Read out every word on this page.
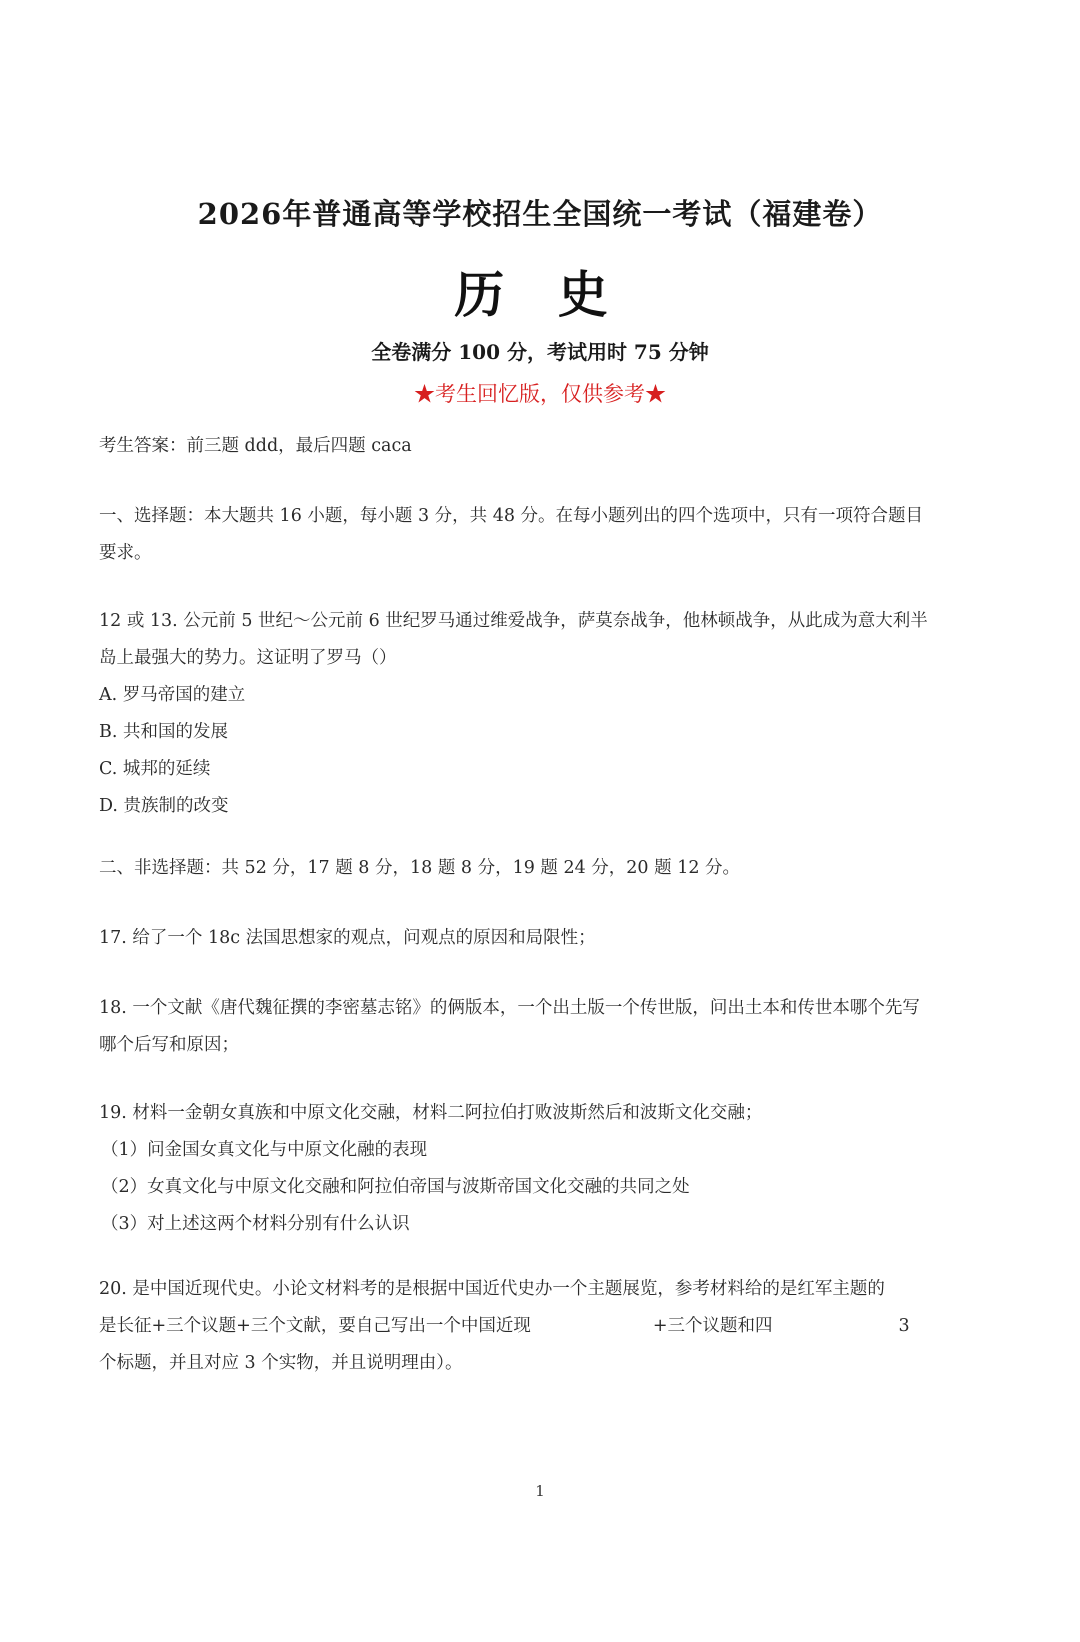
2026年普通高等学校招生全国统一考试（福建卷）
历 史
全卷满分 100 分，考试用时 75 分钟
★考生回忆版，仅供参考★

考生答案：前三题 ddd，最后四题 caca

一、选择题：本大题共 16 小题，每小题 3 分，共 48 分。在每小题列出的四个选项中，只有一项符合题目

要求。

12 或 13. 公元前 5 世纪～公元前 6 世纪罗马通过维爱战争，萨莫奈战争，他林顿战争，从此成为意大利半

岛上最强大的势力。这证明了罗马（）

A. 罗马帝国的建立

B. 共和国的发展

C. 城邦的延续

D. 贵族制的改变

二、非选择题：共 52 分，17 题 8 分，18 题 8 分，19 题 24 分，20 题 12 分。

17. 给了一个 18c 法国思想家的观点，问观点的原因和局限性；

18. 一个文献《唐代魏征撰的李密墓志铭》的俩版本，一个出土版一个传世版，问出土本和传世本哪个先写

哪个后写和原因；

19. 材料一金朝女真族和中原文化交融，材料二阿拉伯打败波斯然后和波斯文化交融；

（1）问金国女真文化与中原文化融的表现

（2）女真文化与中原文化交融和阿拉伯帝国与波斯帝国文化交融的共同之处

（3）对上述这两个材料分别有什么认识

20. 是中国近现代史。小论文材料考的是根据中国近代史办一个主题展览，参考材料给的是红军主题的

是长征+三个议题+三个文献，要自己写出一个中国近现	+三个议题和四	3

个标题，并且对应 3 个实物，并且说明理由）。

1
